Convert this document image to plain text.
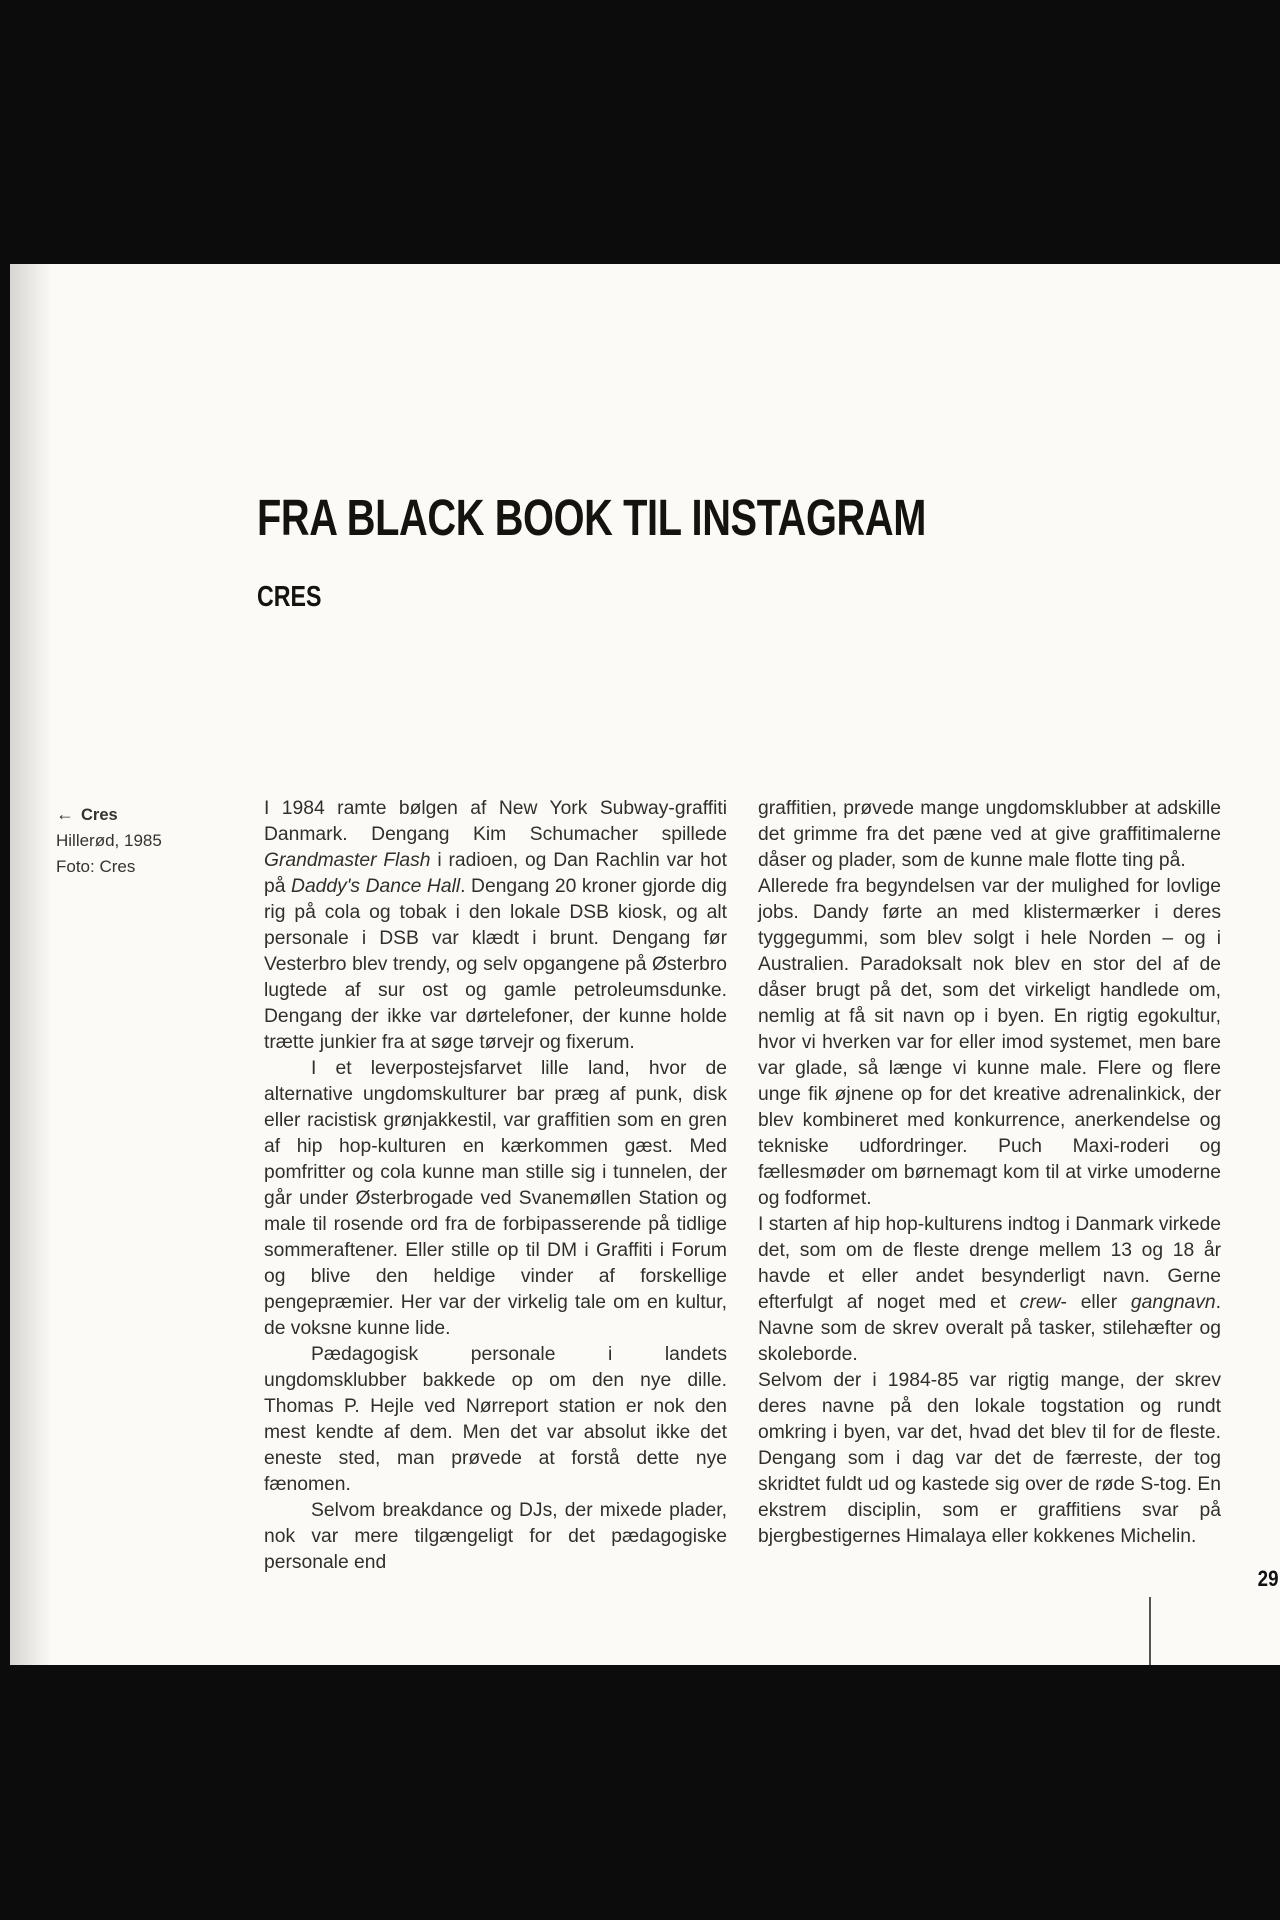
FRA BLACK BOOK TIL INSTAGRAM
CRES
← Cres
Hillerød, 1985
Foto: Cres

I 1984 ramte bølgen af New York Subway-graffiti Danmark. Dengang Kim Schumacher spillede Grandmaster Flash i radioen, og Dan Rachlin var hot på Daddy's Dance Hall. Dengang 20 kroner gjorde dig rig på cola og tobak i den lokale DSB kiosk, og alt personale i DSB var klædt i brunt. Dengang før Vesterbro blev trendy, og selv opgangene på Østerbro lugtede af sur ost og gamle petroleumsdunke. Dengang der ikke var dørtelefoner, der kunne holde trætte junkier fra at søge tørvejr og fixerum.

I et leverpostejsfarvet lille land, hvor de alternative ungdomskulturer bar præg af punk, disk eller racistisk grønjakkestil, var graffitien som en gren af hip hop-kulturen en kærkommen gæst. Med pomfritter og cola kunne man stille sig i tunnelen, der går under Østerbrogade ved Svanemøllen Station og male til rosende ord fra de forbipasserende på tidlige sommeraftener. Eller stille op til DM i Graffiti i Forum og blive den heldige vinder af forskellige pengepræmier. Her var der virkelig tale om en kultur, de voksne kunne lide.

Pædagogisk personale i landets ungdomsklubber bakkede op om den nye dille. Thomas P. Hejle ved Nørreport station er nok den mest kendte af dem. Men det var absolut ikke det eneste sted, man prøvede at forstå dette nye fænomen.

Selvom breakdance og DJs, der mixede plader, nok var mere tilgængeligt for det pædagogiske personale end

graffitien, prøvede mange ungdomsklubber at adskille det grimme fra det pæne ved at give graffitimalerne dåser og plader, som de kunne male flotte ting på.

Allerede fra begyndelsen var der mulighed for lovlige jobs. Dandy førte an med klistermærker i deres tyggegummi, som blev solgt i hele Norden – og i Australien. Paradoksalt nok blev en stor del af de dåser brugt på det, som det virkeligt handlede om, nemlig at få sit navn op i byen. En rigtig egokultur, hvor vi hverken var for eller imod systemet, men bare var glade, så længe vi kunne male. Flere og flere unge fik øjnene op for det kreative adrenalinkick, der blev kombineret med konkurrence, anerkendelse og tekniske udfordringer. Puch Maxi-roderi og fællesmøder om børnemagt kom til at virke umoderne og fodformet.

I starten af hip hop-kulturens indtog i Danmark virkede det, som om de fleste drenge mellem 13 og 18 år havde et eller andet besynderligt navn. Gerne efterfulgt af noget med et crew- eller gangnavn. Navne som de skrev overalt på tasker, stilehæfter og skoleborde.

Selvom der i 1984-85 var rigtig mange, der skrev deres navne på den lokale togstation og rundt omkring i byen, var det, hvad det blev til for de fleste. Dengang som i dag var det de færreste, der tog skridtet fuldt ud og kastede sig over de røde S-tog. En ekstrem disciplin, som er graffitiens svar på bjergbestigernes Himalaya eller kokkenes Michelin.

29
